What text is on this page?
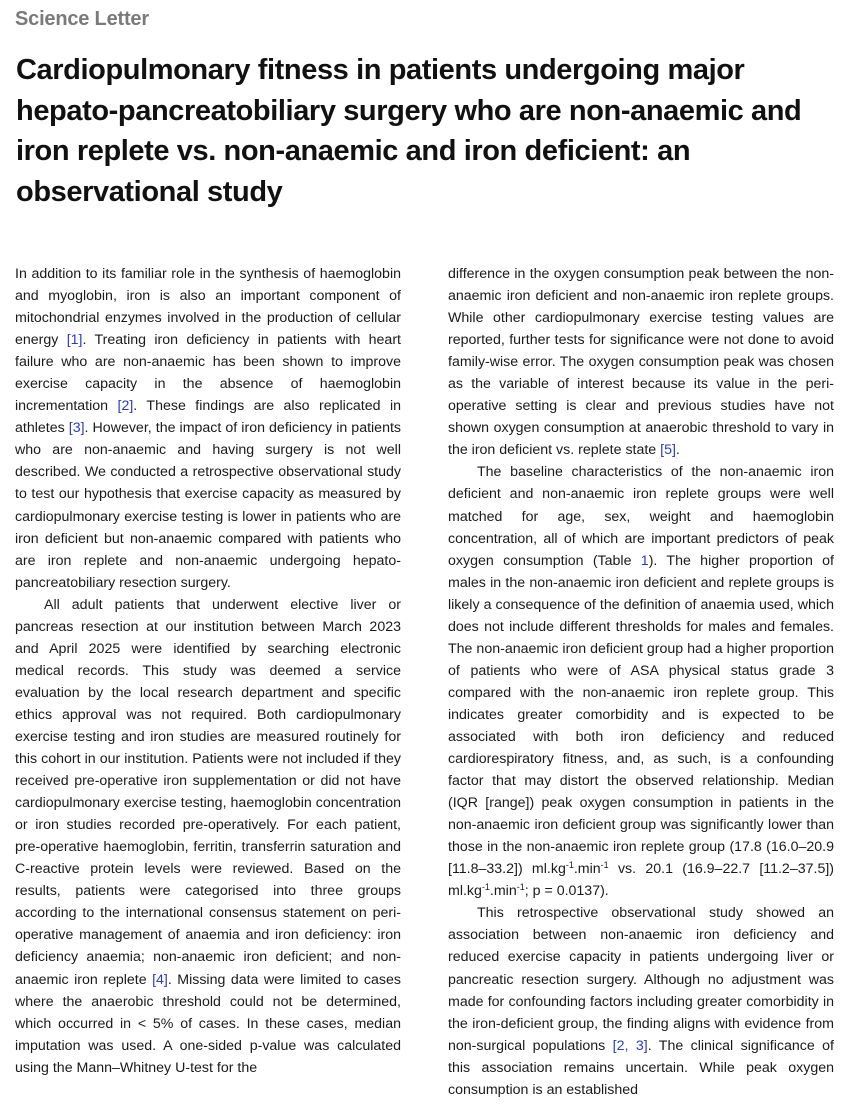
Science Letter
Cardiopulmonary fitness in patients undergoing major hepato-pancreatobiliary surgery who are non-anaemic and iron replete vs. non-anaemic and iron deficient: an observational study

In addition to its familiar role in the synthesis of haemoglobin and myoglobin, iron is also an important component of mitochondrial enzymes involved in the production of cellular energy [1]. Treating iron deficiency in patients with heart failure who are non-anaemic has been shown to improve exercise capacity in the absence of haemoglobin incrementation [2]. These findings are also replicated in athletes [3]. However, the impact of iron deficiency in patients who are non-anaemic and having surgery is not well described. We conducted a retrospective observational study to test our hypothesis that exercise capacity as measured by cardiopulmonary exercise testing is lower in patients who are iron deficient but non-anaemic compared with patients who are iron replete and non-anaemic undergoing hepato-pancreatobiliary resection surgery.

All adult patients that underwent elective liver or pancreas resection at our institution between March 2023 and April 2025 were identified by searching electronic medical records. This study was deemed a service evaluation by the local research department and specific ethics approval was not required. Both cardiopulmonary exercise testing and iron studies are measured routinely for this cohort in our institution. Patients were not included if they received pre-operative iron supplementation or did not have cardiopulmonary exercise testing, haemoglobin concentration or iron studies recorded pre-operatively. For each patient, pre-operative haemoglobin, ferritin, transferrin saturation and C-reactive protein levels were reviewed. Based on the results, patients were categorised into three groups according to the international consensus statement on peri-operative management of anaemia and iron deficiency: iron deficiency anaemia; non-anaemic iron deficient; and non-anaemic iron replete [4]. Missing data were limited to cases where the anaerobic threshold could not be determined, which occurred in < 5% of cases. In these cases, median imputation was used. A one-sided p-value was calculated using the Mann–Whitney U-test for the

difference in the oxygen consumption peak between the non-anaemic iron deficient and non-anaemic iron replete groups. While other cardiopulmonary exercise testing values are reported, further tests for significance were not done to avoid family-wise error. The oxygen consumption peak was chosen as the variable of interest because its value in the peri-operative setting is clear and previous studies have not shown oxygen consumption at anaerobic threshold to vary in the iron deficient vs. replete state [5].

The baseline characteristics of the non-anaemic iron deficient and non-anaemic iron replete groups were well matched for age, sex, weight and haemoglobin concentration, all of which are important predictors of peak oxygen consumption (Table 1). The higher proportion of males in the non-anaemic iron deficient and replete groups is likely a consequence of the definition of anaemia used, which does not include different thresholds for males and females. The non-anaemic iron deficient group had a higher proportion of patients who were of ASA physical status grade 3 compared with the non-anaemic iron replete group. This indicates greater comorbidity and is expected to be associated with both iron deficiency and reduced cardiorespiratory fitness, and, as such, is a confounding factor that may distort the observed relationship. Median (IQR [range]) peak oxygen consumption in patients in the non-anaemic iron deficient group was significantly lower than those in the non-anaemic iron replete group (17.8 (16.0–20.9 [11.8–33.2]) $ml.kg^{-1}.\min^{-1}$ vs. 20.1 (16.9–22.7 [11.2–37.5]) $ml.kg^{-1}.\min^{-1}$; p = 0.0137).

This retrospective observational study showed an association between non-anaemic iron deficiency and reduced exercise capacity in patients undergoing liver or pancreatic resection surgery. Although no adjustment was made for confounding factors including greater comorbidity in the iron-deficient group, the finding aligns with evidence from non-surgical populations [2, 3]. The clinical significance of this association remains uncertain. While peak oxygen consumption is an established
